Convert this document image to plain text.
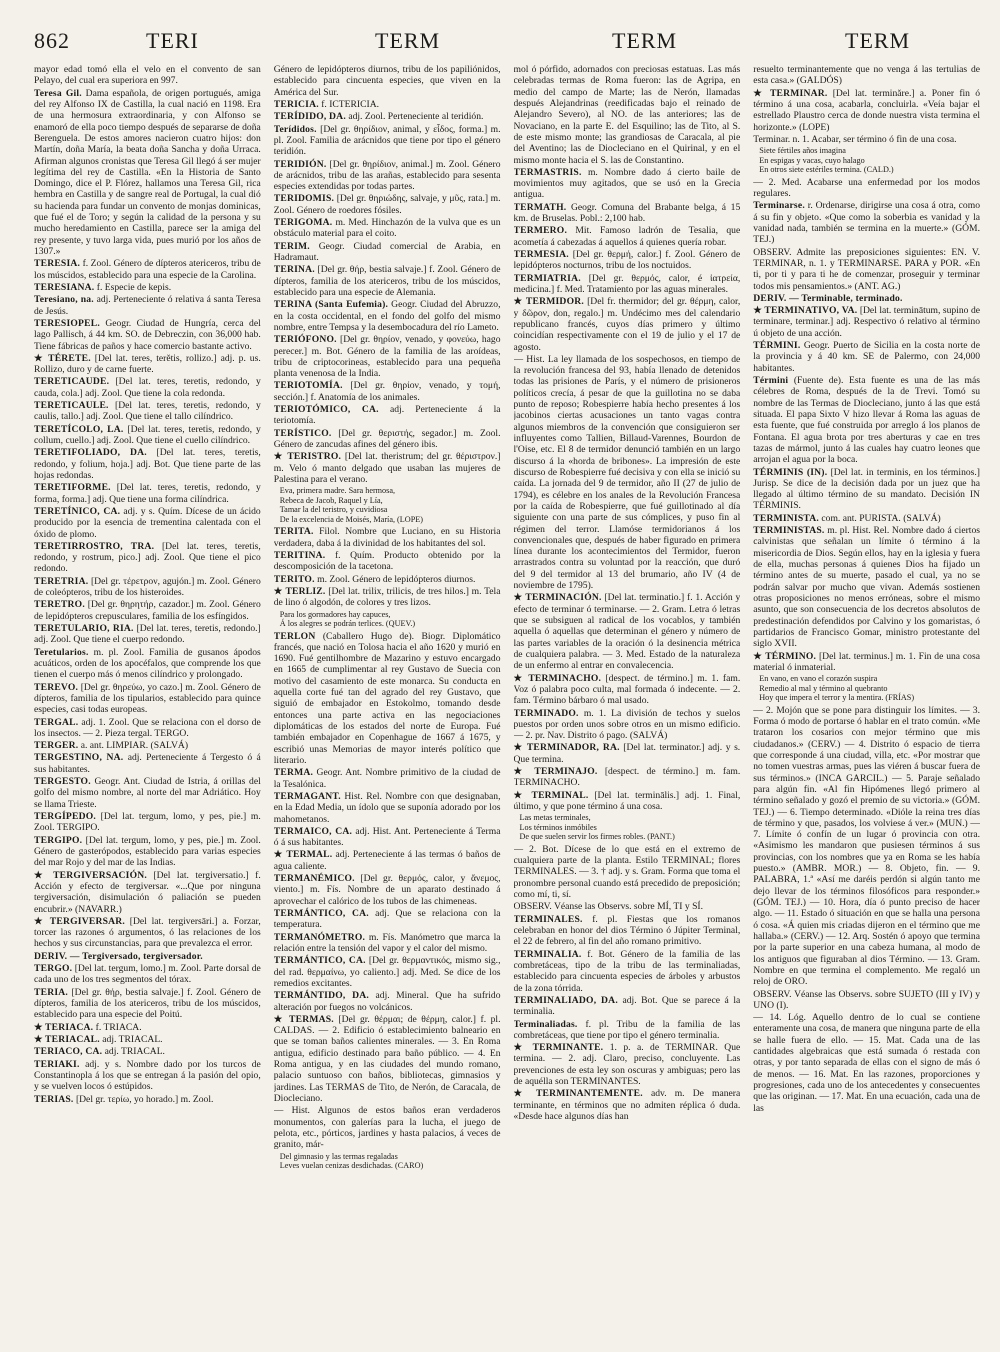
862	TERI	TERM	TERM	TERM

mayor edad tomó ella el velo en el convento de san Pelayo, del cual era superiora en 997.

Teresa Gil. Dama española, de origen portugués, amiga del rey Alfonso IX de Castilla, la cual nació en 1198. Era de una hermosura extraordinaria, y con Alfonso se enamoró de ella poco tiempo después de separarse de doña Berenguela. De estos amores nacieron cuatro hijos: don Martín, doña María, la beata doña Sancha y doña Urraca. Afirman algunos cronistas que Teresa Gil llegó á ser mujer legítima del rey de Castilla. «En la Historia de Santo Domingo, dice el P. Flórez, hallamos una Teresa Gil, rica hembra en Castilla y de sangre real de Portugal, la cual dió su hacienda para fundar un convento de monjas dominicas, que fué el de Toro; y según la calidad de la persona y su mucho heredamiento en Castilla, parece ser la amiga del rey presente, y tuvo larga vida, pues murió por los años de 1307.»

TERESIA. f. Zool. Género de dípteros atericeros, tribu de los múscidos, establecido para una especie de la Carolina.

TERESIANA. f. Especie de kepis.

Teresiano, na. adj. Perteneciente ó relativa á santa Teresa de Jesús.

TERESIOPEL. Geogr. Ciudad de Hungría, cerca del lago Pallisch, á 44 km. SO. de Debreczin, con 36,000 hab. Tiene fábricas de paños y hace comercio bastante activo.

★ TÉRETE. [Del lat. teres, terĕtis, rollizo.] adj. p. us. Rollizo, duro y de carne fuerte.

TERETICAUDE. [Del lat. teres, teretis, redondo, y cauda, cola.] adj. Zool. Que tiene la cola redonda.

TERETICAULE. [Del lat. teres, teretis, redondo, y caulis, tallo.] adj. Zool. Que tiene el tallo cilíndrico.

TERETÍCOLO, LA. [Del lat. teres, teretis, redondo, y collum, cuello.] adj. Zool. Que tiene el cuello cilíndrico.

TERETIFOLIADO, DA. [Del lat. teres, teretis, redondo, y folium, hoja.] adj. Bot. Que tiene parte de las hojas redondas.

TERETIFORME. [Del lat. teres, teretis, redondo, y forma, forma.] adj. Que tiene una forma cilíndrica.

TERETÍNICO, CA. adj. y s. Quím. Dícese de un ácido producido por la esencia de trementina calentada con el óxido de plomo.

TERETIRROSTRO, TRA. [Del lat. teres, teretis, redondo, y rostrum, pico.] adj. Zool. Que tiene el pico redondo.

TERETRIA. [Del gr. τέρετρον, agujón.] m. Zool. Género de coleópteros, tribu de los histeroides.

TERETRO. [Del gr. θηρητήρ, cazador.] m. Zool. Género de lepidópteros crepusculares, familia de los esfíngidos.

TERETULARIO, RIA. [Del lat. teres, teretis, redondo.] adj. Zool. Que tiene el cuerpo redondo.

Teretularios. m. pl. Zool. Familia de gusanos ápodos acuáticos, orden de los apocéfalos, que comprende los que tienen el cuerpo más ó menos cilíndrico y prolongado.

TEREVO. [Del gr. θηρεύω, yo cazo.] m. Zool. Género de dípteros, familia de los tipularios, establecido para quince especies, casi todas europeas.

TERGAL. adj. 1. Zool. Que se relaciona con el dorso de los insectos. — 2. Pieza tergal. TERGO.

TERGER. a. ant. LIMPIAR. (SALVÁ)

TERGESTINO, NA. adj. Perteneciente á Tergesto ó á sus habitantes.

TERGESTO. Geogr. Ant. Ciudad de Istria, á orillas del golfo del mismo nombre, al norte del mar Adriático. Hoy se llama Trieste.

TERGÍPEDO. [Del lat. tergum, lomo, y pes, pie.] m. Zool. TERGIPO.

TERGIPO. [Del lat. tergum, lomo, y pes, pie.] m. Zool. Género de gasterópodos, establecido para varias especies del mar Rojo y del mar de las Indias.

★ TERGIVERSACIÓN. [Del lat. tergiversatio.] f. Acción y efecto de tergiversar. «...Que por ninguna tergiversación, disimulación ó paliación se pueden encubrir.» (NAVARR.)

★ TERGIVERSAR. [Del lat. tergiversāri.] a. Forzar, torcer las razones ó argumentos, ó las relaciones de los hechos y sus circunstancias, para que prevalezca el error.

DERIV. — Tergiversado, tergiversador.

TERGO. [Del lat. tergum, lomo.] m. Zool. Parte dorsal de cada uno de los tres segmentos del tórax.

TERIA. [Del gr. θήρ, bestia salvaje.] f. Zool. Género de dípteros, familia de los atericeros, tribu de los múscidos, establecido para una especie del Poitú.

★ TERIACA. f. TRIACA.

★ TERIACAL. adj. TRIACAL.

TERIACO, CA. adj. TRIACAL.

TERIAKI. adj. y s. Nombre dado por los turcos de Constantinopla á los que se entregan á la pasión del opio, y se vuelven locos ó estúpidos.

TERIAS. [Del gr. τερίω, yo horado.] m. Zool.

Género de lepidópteros diurnos, tribu de los papiliónidos, establecido para cincuenta especies, que viven en la América del Sur.

TERICIA. f. ICTERICIA.

TERÍDIDO, DA. adj. Zool. Perteneciente al teridión.

Terídidos. [Del gr. θηρίδιον, animal, y εἶδος, forma.] m. pl. Zool. Familia de arácnidos que tiene por tipo el género teridión.

TERIDIÓN. [Del gr. θηρίδιον, animal.] m. Zool. Género de arácnidos, tribu de las arañas, establecido para sesenta especies extendidas por todas partes.

TERIDOMIS. [Del gr. θηριώδης, salvaje, y μῦς, rata.] m. Zool. Género de roedores fósiles.

TERIGOMA. m. Med. Hinchazón de la vulva que es un obstáculo material para el coito.

TERIM. Geogr. Ciudad comercial de Arabia, en Hadramaut.

TERINA. [Del gr. θήρ, bestia salvaje.] f. Zool. Género de dípteros, familia de los atericeros, tribu de los múscidos, establecido para una especie de Alemania.

TERINA (Santa Eufemia). Geogr. Ciudad del Abruzzo, en la costa occidental, en el fondo del golfo del mismo nombre, entre Tempsa y la desembocadura del río Lameto.

TERIÓFONO. [Del gr. θηρίον, venado, y φονεύω, hago perecer.] m. Bot. Género de la familia de las aroídeas, tribu de criptocorineas, establecido para una pequeña planta venenosa de la India.

TERIOTOMÍA. [Del gr. θηρίον, venado, y τομή, sección.] f. Anatomía de los animales.

TERIOTÓMICO, CA. adj. Perteneciente á la teriotomía.

TERÍSTICO. [Del gr. θεριστής, segador.] m. Zool. Género de zancudas afines del género ibis.

★ TERISTRO. [Del lat. theristrum; del gr. θέριστρον.] m. Velo ó manto delgado que usaban las mujeres de Palestina para el verano.

Eva, primera madre. Sara hermosa,
Rebeca de Jacob, Raquel y Lía,
Tamar la del teristro, y cuvidiosa
De la excelencia de Moisés, María, (LOPE)

TERITA. Filol. Nombre que Luciano, en su Historia verdadera, daba á la divinidad de los habitantes del sol.

TERITINA. f. Quím. Producto obtenido por la descomposición de la tacetona.

TERITO. m. Zool. Género de lepidópteros diurnos.

★ TERLIZ. [Del lat. trilix, trilicis, de tres hilos.] m. Tela de lino ó algodón, de colores y tres lizos.

Para los gormadores hay capuces,
Á los alegres se podrán terlices. (QUEV.)

TERLON (Caballero Hugo de). Biogr. Diplomático francés, que nació en Tolosa hacia el año 1620 y murió en 1690. Fué gentilhombre de Mazarino y estuvo encargado en 1665 de cumplimentar al rey Gustavo de Suecia con motivo del casamiento de este monarca. Su conducta en aquella corte fué tan del agrado del rey Gustavo, que siguió de embajador en Estokolmo, tomando desde entonces una parte activa en las negociaciones diplomáticas de los estados del norte de Europa. Fué también embajador en Copenhague de 1667 á 1675, y escribió unas Memorias de mayor interés político que literario.

TERMA. Geogr. Ant. Nombre primitivo de la ciudad de la Tesalónica.

TERMAGANT. Hist. Rel. Nombre con que designaban, en la Edad Media, un ídolo que se suponía adorado por los mahometanos.

TERMAICO, CA. adj. Hist. Ant. Perteneciente á Terma ó á sus habitantes.

★ TERMAL. adj. Perteneciente á las termas ó baños de agua caliente.

TERMANÉMICO. [Del gr. θερμός, calor, y ἄνεμος, viento.] m. Fís. Nombre de un aparato destinado á aprovechar el calórico de los tubos de las chimeneas.

TERMÁNTICO, CA. adj. Que se relaciona con la temperatura.

TERMANÓMETRO. m. Fís. Manómetro que marca la relación entre la tensión del vapor y el calor del mismo.

TERMÁNTICO, CA. [Del gr. θερμαντικός, mismo sig., del rad. θερμαίνω, yo caliento.] adj. Med. Se dice de los remedios excitantes.

TERMÁNTIDO, DA. adj. Mineral. Que ha sufrido alteración por fuegos no volcánicos.

★ TERMAS. [Del gr. θέρμαι; de θέρμη, calor.] f. pl. CALDAS. — 2. Edificio ó establecimiento balneario en que se toman baños calientes minerales. — 3. En Roma antigua, edificio destinado para baño público. — 4. En Roma antigua, y en las ciudades del mundo romano, palacio suntuoso con baños, bibliotecas, gimnasios y jardines. Las TERMAS de Tito, de Nerón, de Caracala, de Diocleciano.

— Hist. Algunos de estos baños eran verdaderos monumentos, con galerías para la lucha, el juego de pelota, etc., pórticos, jardines y hasta palacios, á veces de granito, már-

Del gimnasio y las termas regaladas
Leves vuelan cenizas desdichadas. (CARO)

mol ó pórfido, adornados con preciosas estatuas. Las más celebradas termas de Roma fueron: las de Agripa, en medio del campo de Marte; las de Nerón, llamadas después Alejandrinas (reedificadas bajo el reinado de Alejandro Severo), al NO. de las anteriores; las de Novaciano, en la parte E. del Esquilino; las de Tito, al S. de este mismo monte; las grandiosas de Caracala, al pie del Aventino; las de Diocleciano en el Quirinal, y en el mismo monte hacia el S. las de Constantino.

TERMASTRIS. m. Nombre dado á cierto baile de movimientos muy agitados, que se usó en la Grecia antigua.

TERMATH. Geogr. Comuna del Brabante belga, á 15 km. de Bruselas. Pobl.: 2,100 hab.

TERMERO. Mit. Famoso ladrón de Tesalia, que acometía á cabezadas á aquellos á quienes quería robar.

TERMESIA. [Del gr. θερμή, calor.] f. Zool. Género de lepidópteros nocturnos, tribu de los noctuidos.

TERMIATRIA. [Del gr. θερμός, calor, é ἰατρεία, medicina.] f. Med. Tratamiento por las aguas minerales.

★ TERMIDOR. [Del fr. thermidor; del gr. θέρμη, calor, y δῶρον, don, regalo.] m. Undécimo mes del calendario republicano francés, cuyos días primero y último coincidían respectivamente con el 19 de julio y el 17 de agosto.

— Hist. La ley llamada de los sospechosos, en tiempo de la revolución francesa del 93, había llenado de detenidos todas las prisiones de París, y el número de prisioneros políticos crecía, á pesar de que la guillotina no se daba punto de reposo; Robespierre había hecho presentes á los jacobinos ciertas acusaciones un tanto vagas contra algunos miembros de la convención que consiguieron ser influyentes como Tallien, Billaud-Varennes, Bourdon de l'Oise, etc. El 8 de termidor denunció también en un largo discurso á la «horda de bribones». La impresión de este discurso de Robespierre fué decisiva y con ella se inició su caída. La jornada del 9 de termidor, año II (27 de julio de 1794), es célebre en los anales de la Revolución Francesa por la caída de Robespierre, que fué guillotinado al día siguiente con una parte de sus cómplices, y puso fin al régimen del terror. Llamóse termidorianos á los convencionales que, después de haber figurado en primera línea durante los acontecimientos del Termidor, fueron arrastrados contra su voluntad por la reacción, que duró del 9 del termidor al 13 del brumario, año IV (4 de noviembre de 1795).

★ TERMINACIÓN. [Del lat. terminatio.] f. 1. Acción y efecto de terminar ó terminarse. — 2. Gram. Letra ó letras que se subsiguen al radical de los vocablos, y también aquella ó aquellas que determinan el género y número de las partes variables de la oración ó la desinencia métrica de cualquiera palabra. — 3. Med. Estado de la naturaleza de un enfermo al entrar en convalecencia.

★ TERMINACHO. [despect. de término.] m. 1. fam. Voz ó palabra poco culta, mal formada ó indecente. — 2. fam. Término bárbaro ó mal usado.

TERMINADO. m. 1. La división de techos y suelos puestos por orden unos sobre otros en un mismo edificio. — 2. pr. Nav. Distrito ó pago. (SALVÁ)

★ TERMINADOR, RA. [Del lat. terminator.] adj. y s. Que termina.

★ TERMINAJO. [despect. de término.] m. fam. TERMINACHO.

★ TERMINAL. [Del lat. terminālis.] adj. 1. Final, último, y que pone término á una cosa.

Las metas terminales,
Los términos inmóbiles
De que suelen servir los firmes robles. (PANT.)

— 2. Bot. Dícese de lo que está en el extremo de cualquiera parte de la planta. Estilo TERMINAL; flores TERMINALES. — 3. † adj. y s. Gram. Forma que toma el pronombre personal cuando está precedido de preposición; como mí, ti, sí.

OBSERV. Véanse las Observs. sobre MÍ, TI y SÍ.

TERMINALES. f. pl. Fiestas que los romanos celebraban en honor del dios Término ó Júpiter Terminal, el 22 de febrero, al fin del año romano primitivo.

TERMINALIA. f. Bot. Género de la familia de las combretáceas, tipo de la tribu de las terminaliadas, establecido para cincuenta especies de árboles y arbustos de la zona tórrida.

TERMINALIADO, DA. adj. Bot. Que se parece á la terminalia.

Terminaliadas. f. pl. Tribu de la familia de las combretáceas, que tiene por tipo el género terminalia.

★ TERMINANTE. 1. p. a. de TERMINAR. Que termina. — 2. adj. Claro, preciso, concluyente. Las prevenciones de esta ley son oscuras y ambiguas; pero las de aquélla son TERMINANTES.

★ TERMINANTEMENTE. adv. m. De manera terminante, en términos que no admiten réplica ó duda. «Desde hace algunos días han

resuelto terminantemente que no venga á las tertulias de esta casa.» (GALDÓS)

★ TERMINAR. [Del lat. terminăre.] a. Poner fin ó término á una cosa, acabarla, concluirla. «Veía bajar el estrellado Plaustro cerca de donde nuestra vista termina el horizonte.» (LOPE)

Terminar. n. 1. Acabar, ser término ó fin de una cosa.

Siete fértiles años imagina
En espigas y vacas, cuyo halago
En otros siete estériles termina. (CALD.)

— 2. Med. Acabarse una enfermedad por los modos regulares.

Terminarse. r. Ordenarse, dirigirse una cosa á otra, como á su fin y objeto. «Que como la soberbia es vanidad y la vanidad nada, también se termina en la muerte.» (GÓM. TEJ.)

OBSERV. Admite las preposiciones siguientes: EN. V. TERMINAR, n. 1. y TERMINARSE. PARA y POR. «En ti, por ti y para ti he de comenzar, proseguir y terminar todos mis pensamientos.» (ANT. AG.)

DERIV. — Terminable, terminado.

★ TERMINATIVO, VA. [Del lat. terminātum, supino de terminare, terminar.] adj. Respectivo ó relativo al término ú objeto de una acción.

TÉRMINI. Geogr. Puerto de Sicilia en la costa norte de la provincia y á 40 km. SE de Palermo, con 24,000 habitantes.

Términi (Fuente de). Esta fuente es una de las más célebres de Roma, después de la de Trevi. Tomó su nombre de las Termas de Diocleciano, junto á las que está situada. El papa Sixto V hizo llevar á Roma las aguas de esta fuente, que fué construida por arreglo á los planos de Fontana. El agua brota por tres aberturas y cae en tres tazas de mármol, junto á las cuales hay cuatro leones que arrojan el agua por la boca.

TÉRMINIS (IN). [Del lat. in terminis, en los términos.] Jurisp. Se dice de la decisión dada por un juez que ha llegado al último término de su mandato. Decisión IN TÉRMINIS.

TERMINISTA. com. ant. PURISTA. (SALVÁ)

TERMINISTAS. m. pl. Hist. Rel. Nombre dado á ciertos calvinistas que señalan un límite ó término á la misericordia de Dios. Según ellos, hay en la iglesia y fuera de ella, muchas personas á quienes Dios ha fijado un término antes de su muerte, pasado el cual, ya no se podrán salvar por mucho que vivan. Además sostienen otras proposiciones no menos erróneas, sobre el mismo asunto, que son consecuencia de los decretos absolutos de predestinación defendidos por Calvino y los gomaristas, ó partidarios de Francisco Gomar, ministro protestante del siglo XVII.

★ TÉRMINO. [Del lat. terminus.] m. 1. Fin de una cosa material ó inmaterial.

En vano, en vano el corazón suspira
Remedio al mal y término al quebranto
Hoy que impera el terror y la mentira. (FRÍAS)

— 2. Mojón que se pone para distinguir los límites. — 3. Forma ó modo de portarse ó hablar en el trato común. «Me trataron los cosarios con mejor término que mis ciudadanos.» (CERV.) — 4. Distrito ó espacio de tierra que corresponde á una ciudad, villa, etc. «Por mostrar que no tomen vuestras armas, pues las viéren á buscar fuera de sus términos.» (INCA GARCIL.) — 5. Paraje señalado para algún fin. «Al fin Hipómenes llegó primero al término señalado y gozó el premio de su victoria.» (GÓM. TEJ.) — 6. Tiempo determinado. «Dióle la reina tres días de término y que, pasados, los volviese á ver.» (MUN.) — 7. Límite ó confín de un lugar ó provincia con otra. «Asimismo les mandaron que pusiesen términos á sus provincias, con los nombres que ya en Roma se les había puesto.» (AMBR. MOR.) — 8. Objeto, fin. — 9. PALABRA, 1.ª «Así me daréis perdón si algún tanto me dejo llevar de los términos filosóficos para responder.» (GÓM. TEJ.) — 10. Hora, día ó punto preciso de hacer algo. — 11. Estado ó situación en que se halla una persona ó cosa. «Á quien mis criadas dijeron en el término que me hallaba.» (CERV.) — 12. Arq. Sostén ó apoyo que termina por la parte superior en una cabeza humana, al modo de los antiguos que figuraban al dios Término. — 13. Gram. Nombre en que termina el complemento. Me regaló un reloj de ORO.

OBSERV. Véanse las Observs. sobre SUJETO (III y IV) y UNO (I).

— 14. Lóg. Aquello dentro de lo cual se contiene enteramente una cosa, de manera que ninguna parte de ella se halle fuera de ello. — 15. Mat. Cada una de las cantidades algebraicas que está sumada ó restada con otras, y por tanto separada de ellas con el signo de más ó de menos. — 16. Mat. En las razones, proporciones y progresiones, cada uno de los antecedentes y consecuentes que las originan. — 17. Mat. En una ecuación, cada una de las
